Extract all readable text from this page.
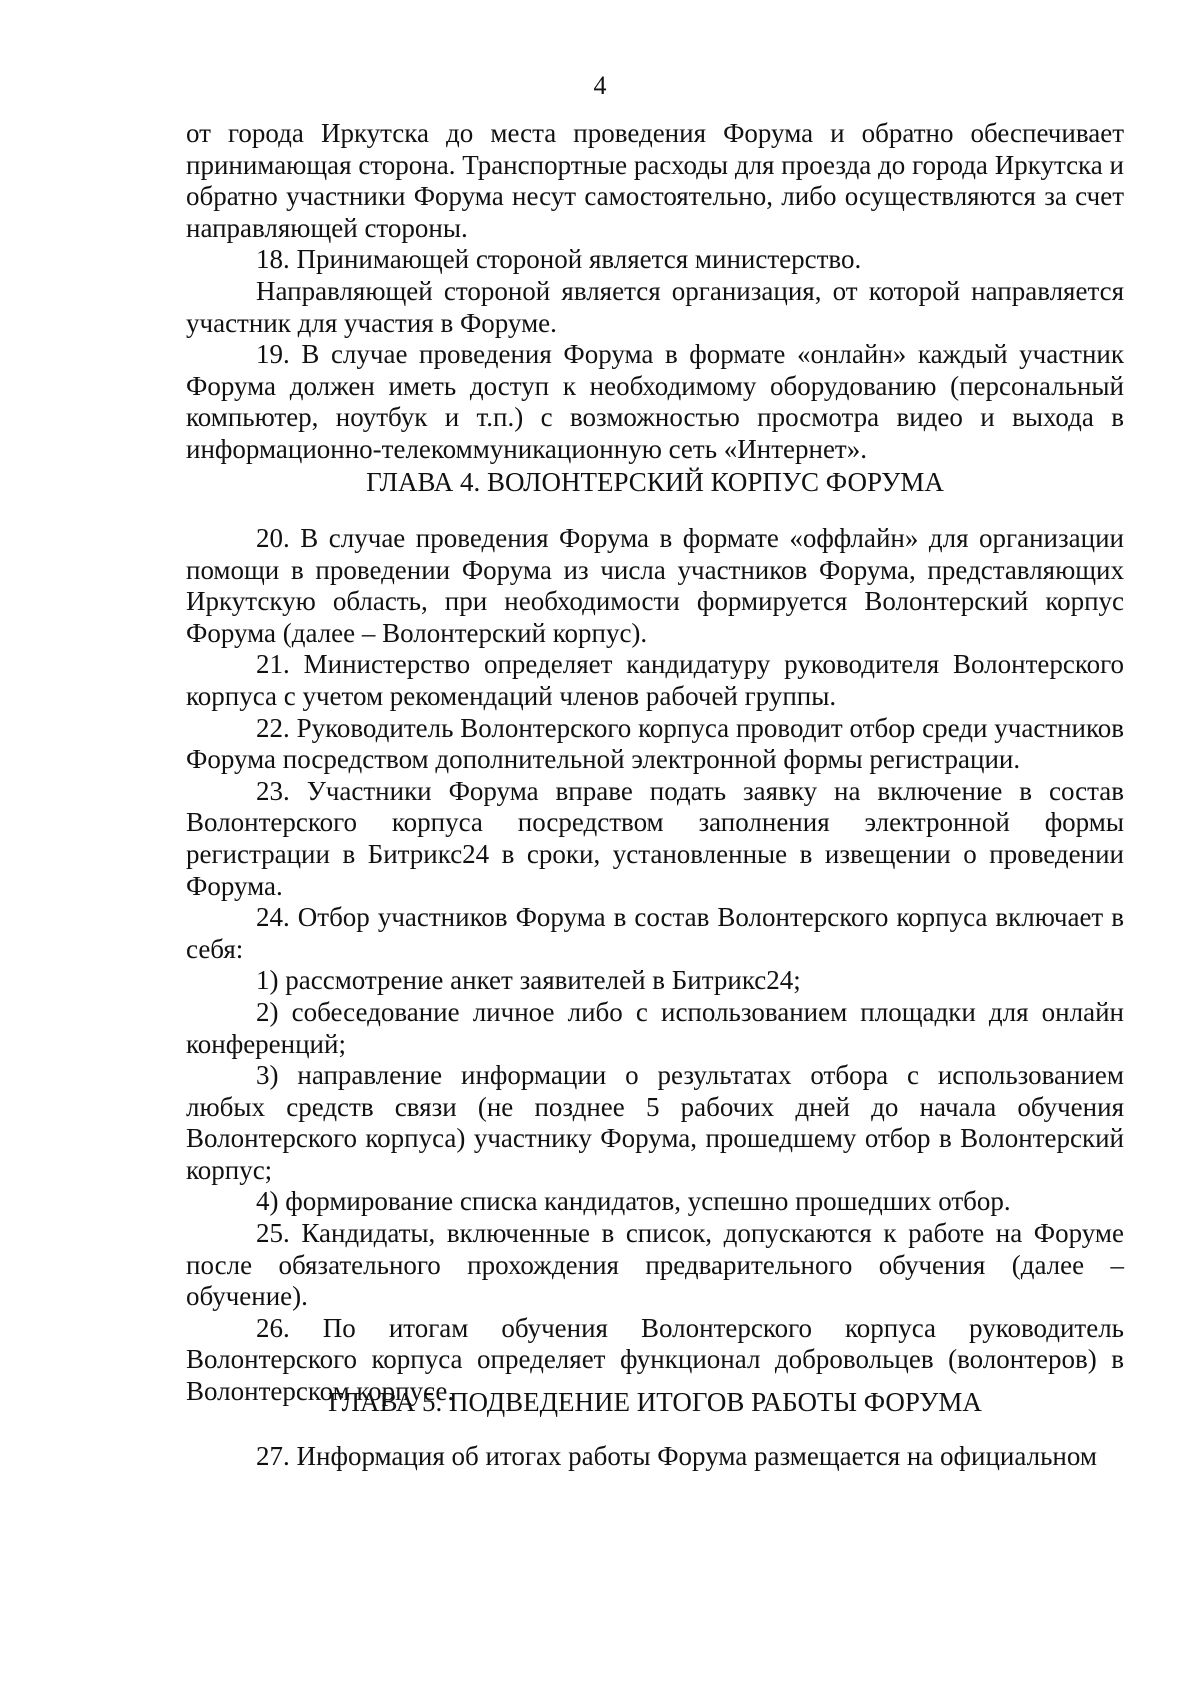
4

от города Иркутска до места проведения Форума и обратно обеспечивает принимающая сторона. Транспортные расходы для проезда до города Иркутска и обратно участники Форума несут самостоятельно, либо осуществляются за счет направляющей стороны.

18. Принимающей стороной является министерство.

Направляющей стороной является организация, от которой направляется участник для участия в Форуме.

19. В случае проведения Форума в формате «онлайн» каждый участник Форума должен иметь доступ к необходимому оборудованию (персональный компьютер, ноутбук и т.п.) с возможностью просмотра видео и выхода в информационно-телекоммуникационную сеть «Интернет».

ГЛАВА 4. ВОЛОНТЕРСКИЙ КОРПУС ФОРУМА

20. В случае проведения Форума в формате «оффлайн» для организации помощи в проведении Форума из числа участников Форума, представляющих Иркутскую область, при необходимости формируется Волонтерский корпус Форума (далее – Волонтерский корпус).

21. Министерство определяет кандидатуру руководителя Волонтерского корпуса с учетом рекомендаций членов рабочей группы.

22. Руководитель Волонтерского корпуса проводит отбор среди участников Форума посредством дополнительной электронной формы регистрации.

23. Участники Форума вправе подать заявку на включение в состав Волонтерского корпуса посредством заполнения электронной формы регистрации в Битрикс24 в сроки, установленные в извещении о проведении Форума.

24. Отбор участников Форума в состав Волонтерского корпуса включает в себя:

1) рассмотрение анкет заявителей в Битрикс24;

2) собеседование личное либо с использованием площадки для онлайн конференций;

3) направление информации о результатах отбора с использованием любых средств связи (не позднее 5 рабочих дней до начала обучения Волонтерского корпуса) участнику Форума, прошедшему отбор в Волонтерский корпус;

4) формирование списка кандидатов, успешно прошедших отбор.

25. Кандидаты, включенные в список, допускаются к работе на Форуме после обязательного прохождения предварительного обучения (далее – обучение).

26. По итогам обучения Волонтерского корпуса руководитель Волонтерского корпуса определяет функционал добровольцев (волонтеров) в Волонтерском корпусе.

ГЛАВА 5. ПОДВЕДЕНИЕ ИТОГОВ РАБОТЫ ФОРУМА

27. Информация об итогах работы Форума размещается на официальном
